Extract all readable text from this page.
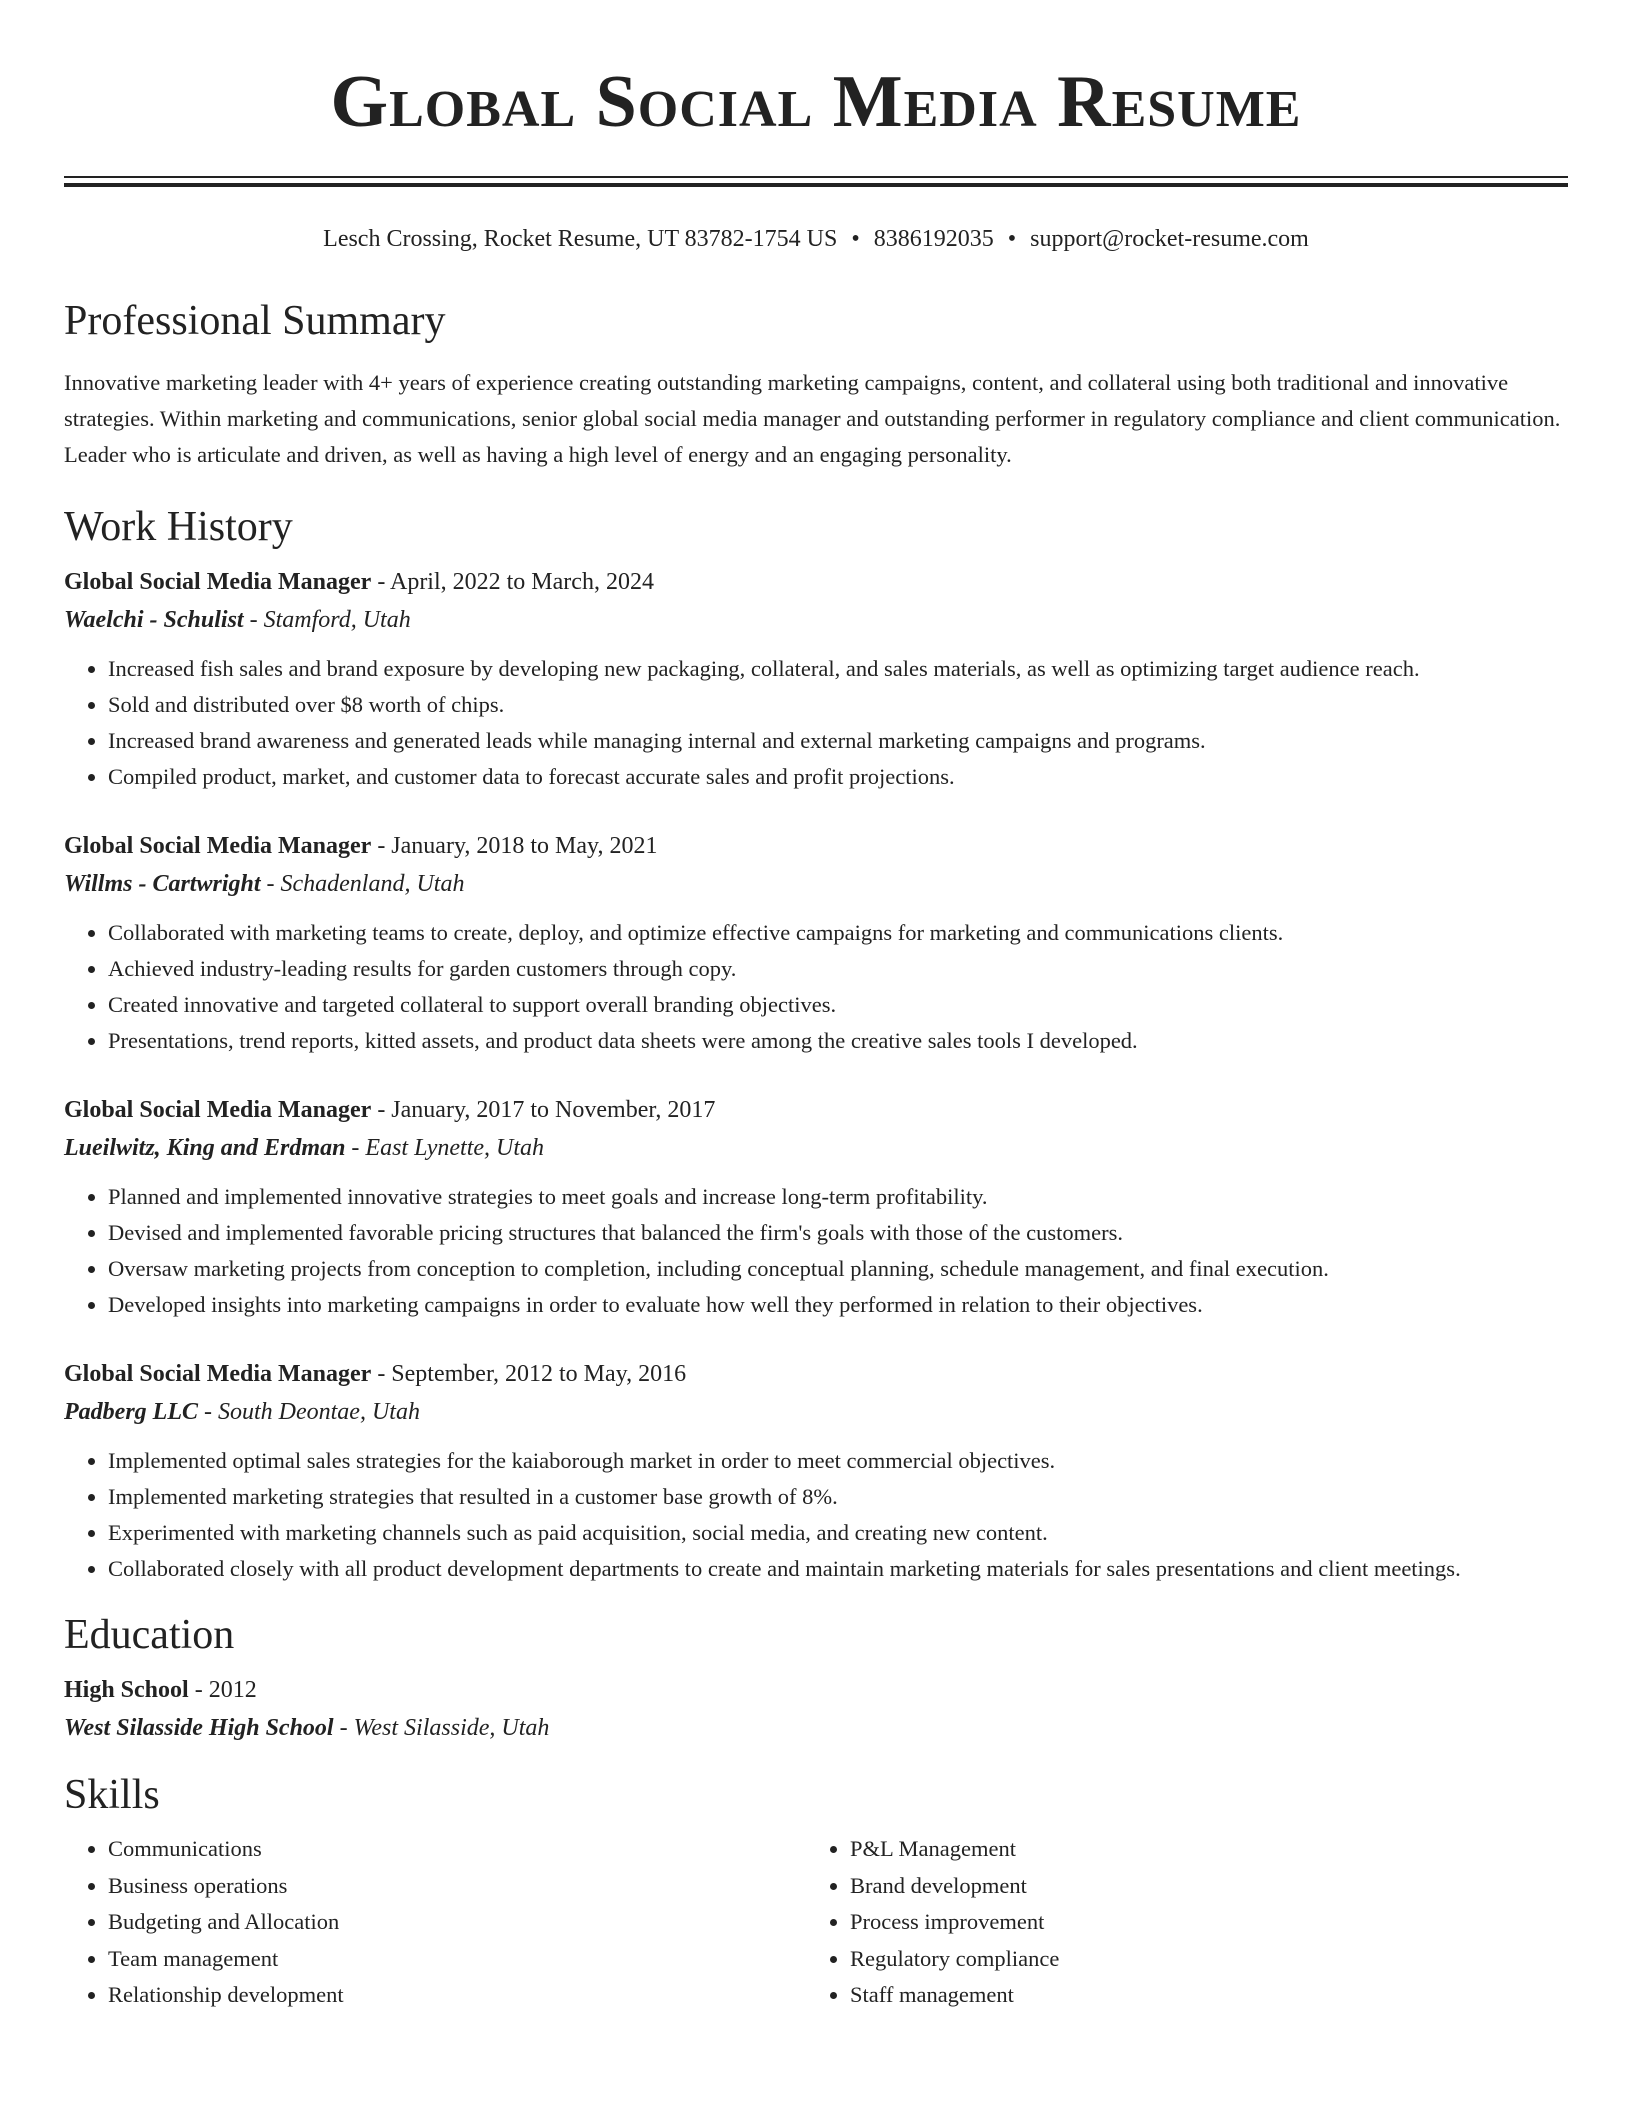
Global Social Media Resume
Lesch Crossing, Rocket Resume, UT 83782-1754 US • 8386192035 • support@rocket-resume.com
Professional Summary
Innovative marketing leader with 4+ years of experience creating outstanding marketing campaigns, content, and collateral using both traditional and innovative strategies. Within marketing and communications, senior global social media manager and outstanding performer in regulatory compliance and client communication. Leader who is articulate and driven, as well as having a high level of energy and an engaging personality.
Work History
Global Social Media Manager - April, 2022 to March, 2024
Waelchi - Schulist - Stamford, Utah
• Increased fish sales and brand exposure by developing new packaging, collateral, and sales materials, as well as optimizing target audience reach.
• Sold and distributed over $8 worth of chips.
• Increased brand awareness and generated leads while managing internal and external marketing campaigns and programs.
• Compiled product, market, and customer data to forecast accurate sales and profit projections.
Global Social Media Manager - January, 2018 to May, 2021
Willms - Cartwright - Schadenland, Utah
• Collaborated with marketing teams to create, deploy, and optimize effective campaigns for marketing and communications clients.
• Achieved industry-leading results for garden customers through copy.
• Created innovative and targeted collateral to support overall branding objectives.
• Presentations, trend reports, kitted assets, and product data sheets were among the creative sales tools I developed.
Global Social Media Manager - January, 2017 to November, 2017
Lueilwitz, King and Erdman - East Lynette, Utah
• Planned and implemented innovative strategies to meet goals and increase long-term profitability.
• Devised and implemented favorable pricing structures that balanced the firm's goals with those of the customers.
• Oversaw marketing projects from conception to completion, including conceptual planning, schedule management, and final execution.
• Developed insights into marketing campaigns in order to evaluate how well they performed in relation to their objectives.
Global Social Media Manager - September, 2012 to May, 2016
Padberg LLC - South Deontae, Utah
• Implemented optimal sales strategies for the kaiaborough market in order to meet commercial objectives.
• Implemented marketing strategies that resulted in a customer base growth of 8%.
• Experimented with marketing channels such as paid acquisition, social media, and creating new content.
• Collaborated closely with all product development departments to create and maintain marketing materials for sales presentations and client meetings.
Education
High School - 2012
West Silasside High School - West Silasside, Utah
Skills
• Communications
• Business operations
• Budgeting and Allocation
• Team management
• Relationship development
• P&L Management
• Brand development
• Process improvement
• Regulatory compliance
• Staff management
